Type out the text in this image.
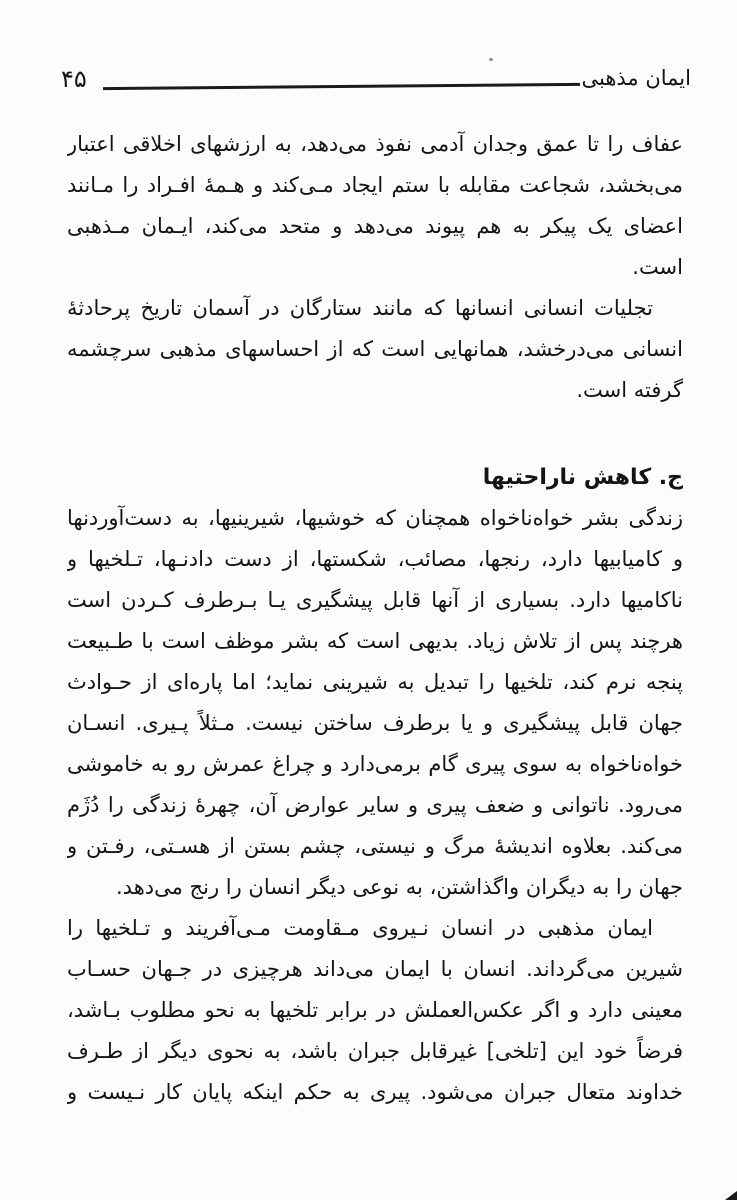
ایمان مذهبی
۴۵
عفاف را تا عمق وجدان آدمی نفوذ می‌دهد، به ارزشهای اخلاقی اعتبار
می‌بخشد، شجاعت مقابله با ستم ایجاد مـی‌کند و هـمهٔ افـراد را مـانند
اعضای یک پیکر به هم پیوند می‌دهد و متحد می‌کند، ایـمان مـذهبی
است.
تجلیات انسانی انسانها که مانند ستارگان در آسمان تاریخ پرحادثهٔ
انسانی می‌درخشد، همانهایی است که از احساسهای مذهبی سرچشمه
گرفته است.
ج. کاهش ناراحتیها
زندگی بشر خواه‌ناخواه همچنان که خوشیها، شیرینیها، به دست‌آوردنها
و کامیابیها دارد، رنجها، مصائب، شکستها، از دست دادنـها، تـلخیها و
ناکامیها دارد. بسیاری از آنها قابل پیشگیری یـا بـرطرف کـردن است
هرچند پس از تلاش زیاد. بدیهی است که بشر موظف است با طـبیعت
پنجه نرم کند، تلخیها را تبدیل به شیرینی نماید؛ اما پاره‌ای از حـوادث
جهان قابل پیشگیری و یا برطرف ساختن نیست. مـثلاً پـیری. انسـان
خواه‌ناخواه به سوی پیری گام برمی‌دارد و چراغ عمرش رو به خاموشی
می‌رود. ناتوانی و ضعف پیری و سایر عوارض آن، چهرهٔ زندگی را دُژَم
می‌کند. بعلاوه اندیشهٔ مرگ و نیستی، چشم بستن از هسـتی، رفـتن و
جهان را به دیگران واگذاشتن، به نوعی دیگر انسان را رنج می‌دهد.
ایمان مذهبی در انسان نـیروی مـقاومت مـی‌آفریند و تـلخیها را
شیرین می‌گرداند. انسان با ایمان می‌داند هرچیزی در جـهان حسـاب
معینی دارد و اگر عکس‌العملش در برابر تلخیها به نحو مطلوب بـاشد،
فرضاً خود این [تلخی] غیرقابل جبران باشد، به نحوی دیگر از طـرف
خداوند متعال جبران می‌شود. پیری به حکم اینکه پایان کار نـیست و
